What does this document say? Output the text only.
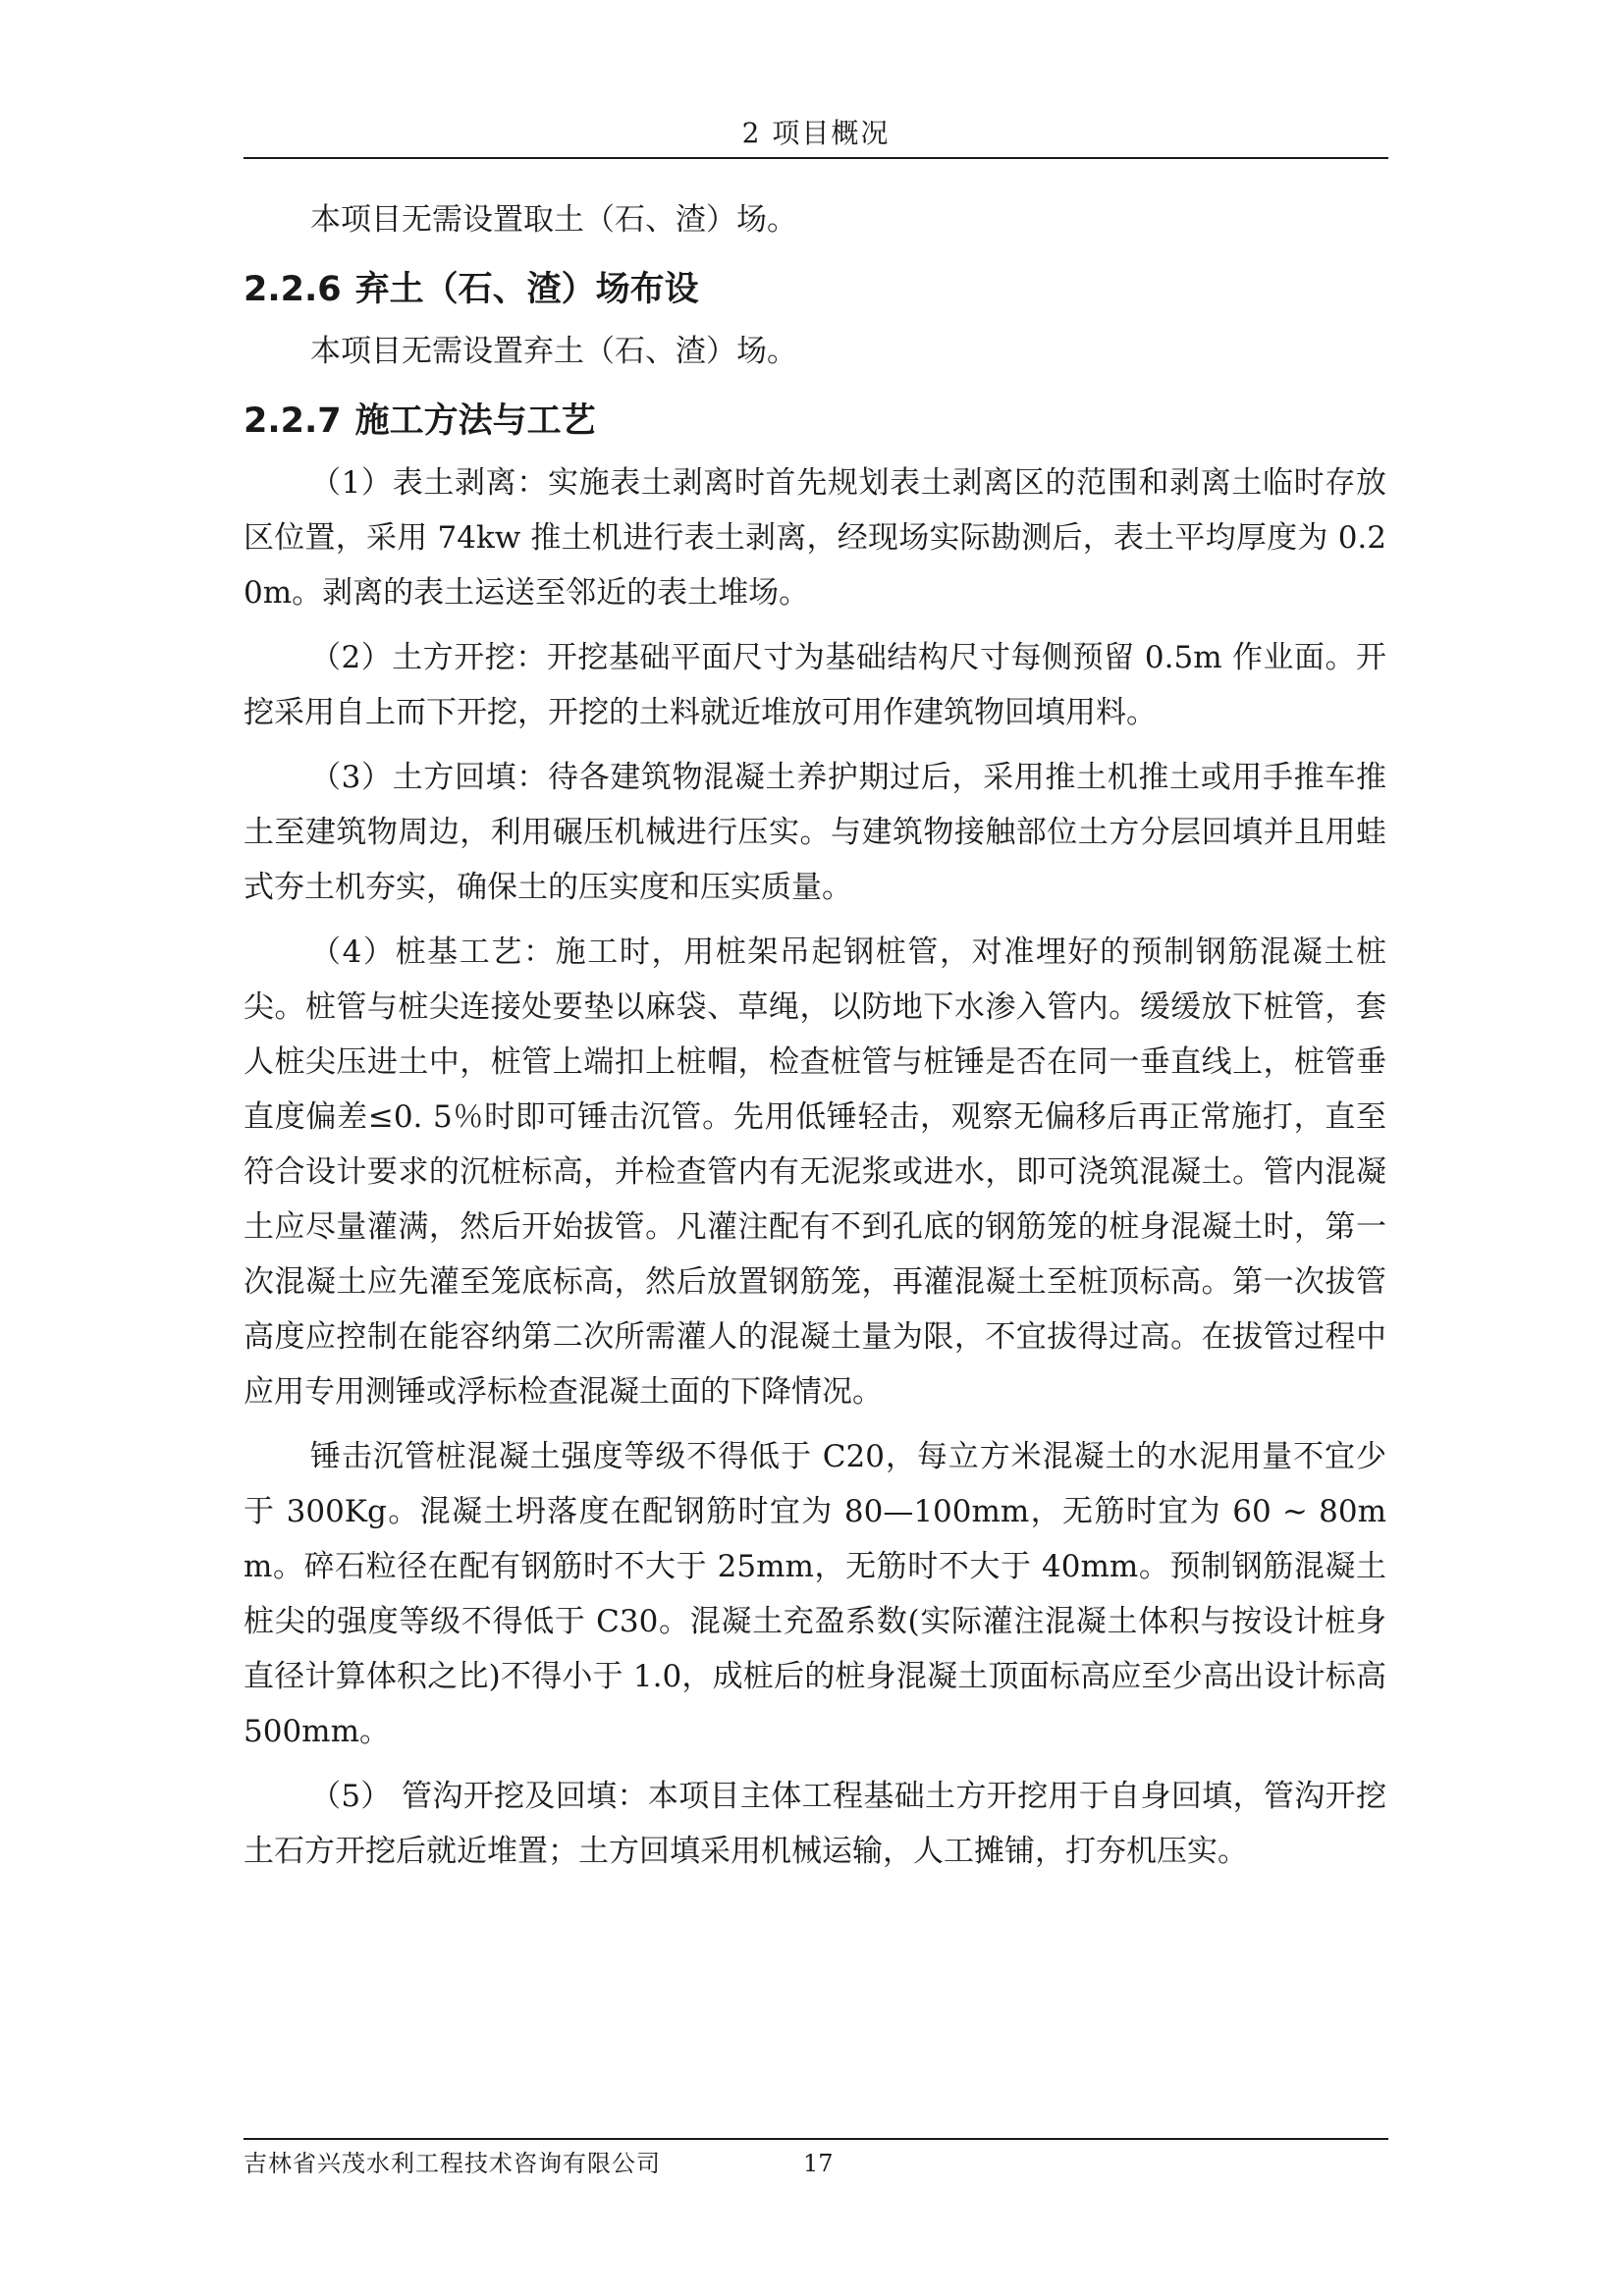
2 项目概况

本项目无需设置取土（石、渣）场。

2.2.6 弃土（石、渣）场布设

本项目无需设置弃土（石、渣）场。

2.2.7 施工方法与工艺

（1）表土剥离：实施表土剥离时首先规划表土剥离区的范围和剥离土临时存放区位置，采用 74kw 推土机进行表土剥离，经现场实际勘测后，表土平均厚度为 0.20m。剥离的表土运送至邻近的表土堆场。

（2）土方开挖：开挖基础平面尺寸为基础结构尺寸每侧预留 0.5m 作业面。开挖采用自上而下开挖，开挖的土料就近堆放可用作建筑物回填用料。

（3）土方回填：待各建筑物混凝土养护期过后，采用推土机推土或用手推车推土至建筑物周边，利用碾压机械进行压实。与建筑物接触部位土方分层回填并且用蛙式夯土机夯实，确保土的压实度和压实质量。

（4）桩基工艺：施工时，用桩架吊起钢桩管，对准埋好的预制钢筋混凝土桩尖。桩管与桩尖连接处要垫以麻袋、草绳，以防地下水渗入管内。缓缓放下桩管，套人桩尖压进土中，桩管上端扣上桩帽，检查桩管与桩锤是否在同一垂直线上，桩管垂直度偏差≤0. 5％时即可锤击沉管。先用低锤轻击，观察无偏移后再正常施打，直至符合设计要求的沉桩标高，并检查管内有无泥浆或进水，即可浇筑混凝土。管内混凝土应尽量灌满，然后开始拔管。凡灌注配有不到孔底的钢筋笼的桩身混凝土时，第一次混凝土应先灌至笼底标高，然后放置钢筋笼，再灌混凝土至桩顶标高。第一次拔管高度应控制在能容纳第二次所需灌人的混凝土量为限，不宜拔得过高。在拔管过程中应用专用测锤或浮标检查混凝土面的下降情况。

锤击沉管桩混凝土强度等级不得低于 C20，每立方米混凝土的水泥用量不宜少于 300Kg。混凝土坍落度在配钢筋时宜为 80—100mm，无筋时宜为 60 ~ 80mm。碎石粒径在配有钢筋时不大于 25mm，无筋时不大于 40mm。预制钢筋混凝土桩尖的强度等级不得低于 C30。混凝土充盈系数(实际灌注混凝土体积与按设计桩身直径计算体积之比)不得小于 1.0，成桩后的桩身混凝土顶面标高应至少高出设计标高 500mm。

（5） 管沟开挖及回填：本项目主体工程基础土方开挖用于自身回填，管沟开挖土石方开挖后就近堆置；土方回填采用机械运输，人工摊铺，打夯机压实。

吉林省兴茂水利工程技术咨询有限公司	17
